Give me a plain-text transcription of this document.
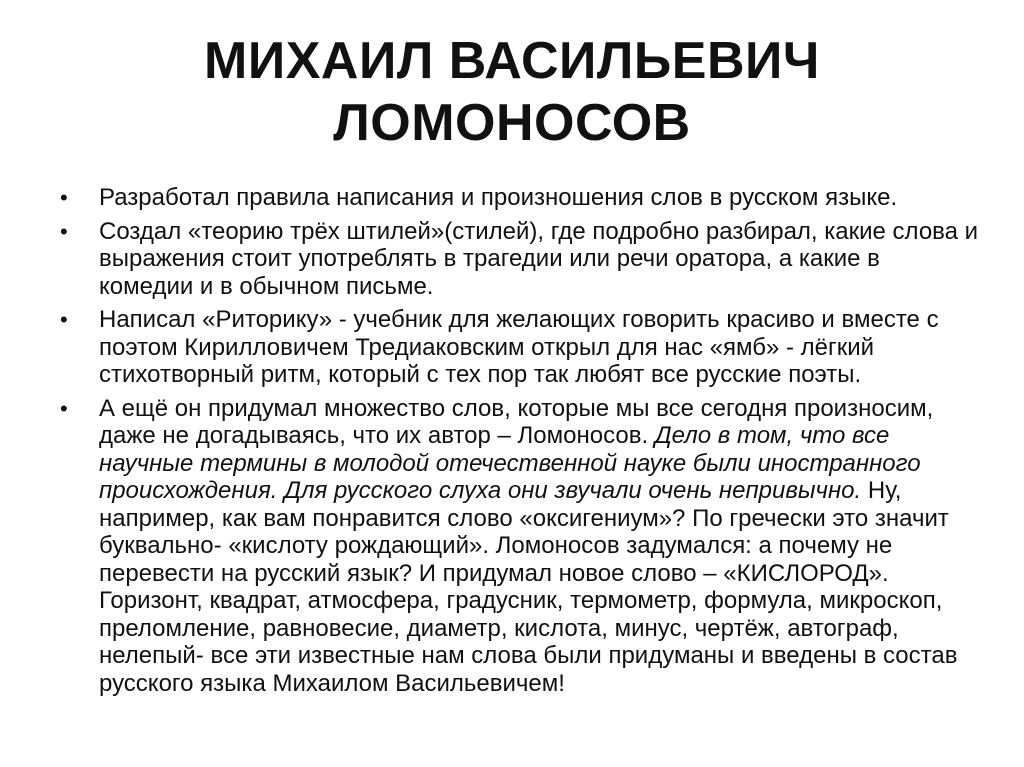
МИХАИЛ ВАСИЛЬЕВИЧ
ЛОМОНОСОВ
•	Разработал правила написания и произношения слов в русском языке.
•	Создал «теорию трёх штилей»(стилей), где подробно разбирал, какие слова и выражения стоит употреблять в трагедии или речи оратора, а какие в комедии и в обычном письме.
•	Написал «Риторику» - учебник для желающих говорить красиво и вместе с поэтом Кирилловичем Тредиаковским открыл для нас «ямб» - лёгкий стихотворный ритм, который с тех пор так любят все русские поэты.
•	А ещё он придумал множество слов, которые мы все сегодня произносим, даже не догадываясь, что их автор – Ломоносов. Дело в том, что все научные термины в молодой отечественной науке были иностранного происхождения. Для русского слуха они звучали очень непривычно. Ну, например, как вам понравится слово «оксигениум»? По гречески это значит буквально- «кислоту рождающий». Ломоносов задумался: а почему не перевести на русский язык? И придумал новое слово – «КИСЛОРОД». Горизонт, квадрат, атмосфера, градусник, термометр, формула, микроскоп, преломление, равновесие, диаметр, кислота, минус, чертёж, автограф, нелепый- все эти известные нам слова были придуманы и введены в состав русского языка Михаилом Васильевичем!
